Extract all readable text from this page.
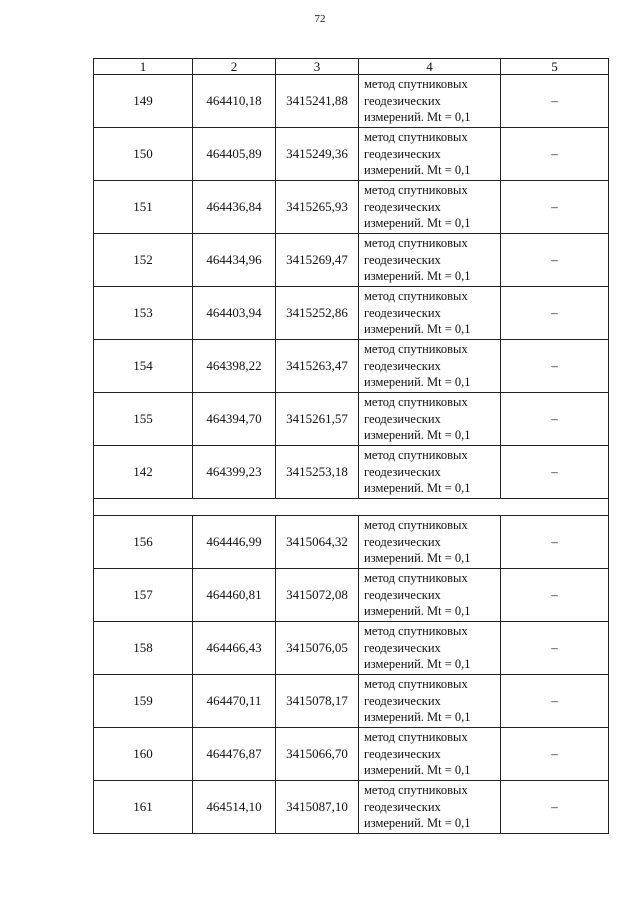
72
1	2	3	4	5
149	464410,18	3415241,88	метод спутниковых
геодезических
измерений. Mt = 0,1	–
150	464405,89	3415249,36	метод спутниковых
геодезических
измерений. Mt = 0,1	–
151	464436,84	3415265,93	метод спутниковых
геодезических
измерений. Mt = 0,1	–
152	464434,96	3415269,47	метод спутниковых
геодезических
измерений. Mt = 0,1	–
153	464403,94	3415252,86	метод спутниковых
геодезических
измерений. Mt = 0,1	–
154	464398,22	3415263,47	метод спутниковых
геодезических
измерений. Mt = 0,1	–
155	464394,70	3415261,57	метод спутниковых
геодезических
измерений. Mt = 0,1	–
142	464399,23	3415253,18	метод спутниковых
геодезических
измерений. Mt = 0,1	–

156	464446,99	3415064,32	метод спутниковых
геодезических
измерений. Mt = 0,1	–
157	464460,81	3415072,08	метод спутниковых
геодезических
измерений. Mt = 0,1	–
158	464466,43	3415076,05	метод спутниковых
геодезических
измерений. Mt = 0,1	–
159	464470,11	3415078,17	метод спутниковых
геодезических
измерений. Mt = 0,1	–
160	464476,87	3415066,70	метод спутниковых
геодезических
измерений. Mt = 0,1	–
161	464514,10	3415087,10	метод спутниковых
геодезических
измерений. Mt = 0,1	–
